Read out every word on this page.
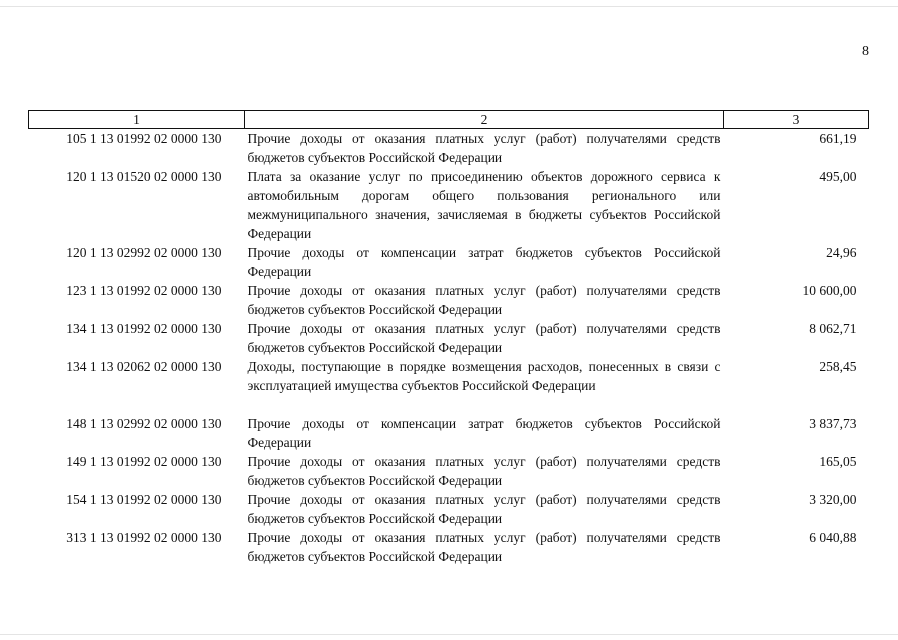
8
1	2	3
105 1 13 01992 02 0000 130	Прочие доходы от оказания платных услуг (работ) получателями средств бюджетов субъектов Российской Федерации	661,19
120 1 13 01520 02 0000 130	Плата за оказание услуг по присоединению объектов дорожного сервиса к автомобильным дорогам общего пользования регионального или межмуниципального значения, зачисляемая в бюджеты субъектов Российской Федерации	495,00
120 1 13 02992 02 0000 130	Прочие доходы от компенсации затрат бюджетов субъектов Российской Федерации	24,96
123 1 13 01992 02 0000 130	Прочие доходы от оказания платных услуг (работ) получателями средств бюджетов субъектов Российской Федерации	10 600,00
134 1 13 01992 02 0000 130	Прочие доходы от оказания платных услуг (работ) получателями средств бюджетов субъектов Российской Федерации	8 062,71
134 1 13 02062 02 0000 130	Доходы, поступающие в порядке возмещения расходов, понесенных в связи с эксплуатацией имущества субъектов Российской Федерации	258,45
148 1 13 02992 02 0000 130	Прочие доходы от компенсации затрат бюджетов субъектов Российской Федерации	3 837,73
149 1 13 01992 02 0000 130	Прочие доходы от оказания платных услуг (работ) получателями средств бюджетов субъектов Российской Федерации	165,05
154 1 13 01992 02 0000 130	Прочие доходы от оказания платных услуг (работ) получателями средств бюджетов субъектов Российской Федерации	3 320,00
313 1 13 01992 02 0000 130	Прочие доходы от оказания платных услуг (работ) получателями средств бюджетов субъектов Российской Федерации	6 040,88
